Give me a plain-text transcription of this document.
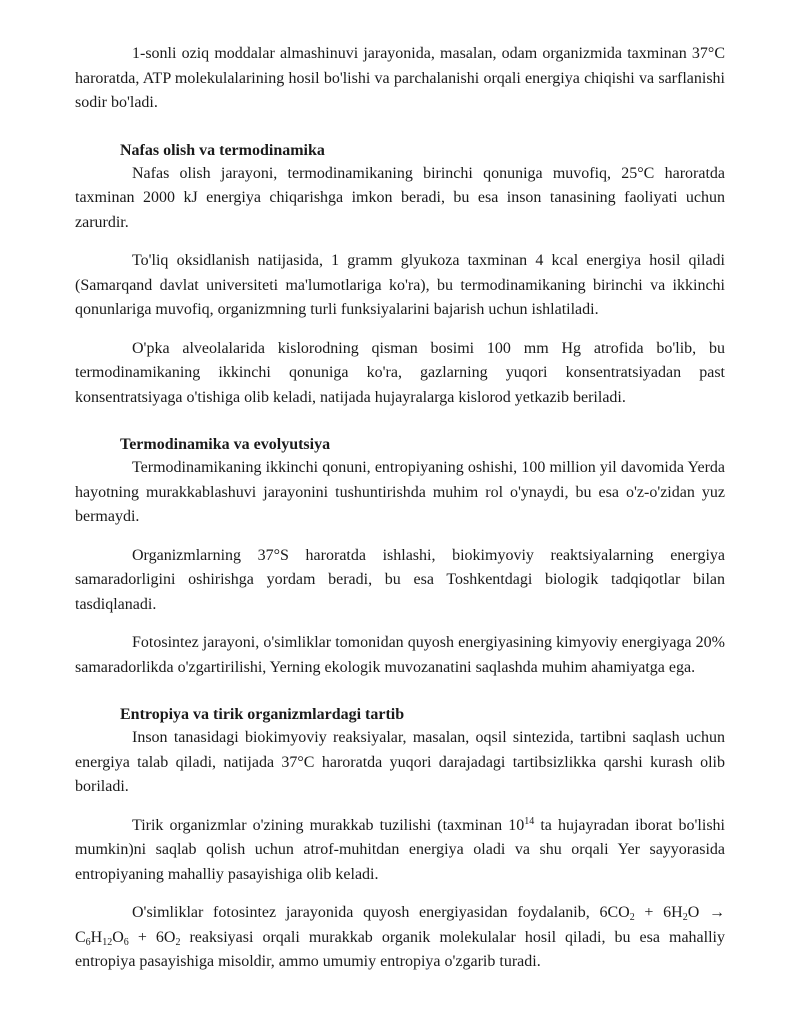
1-sonli oziq moddalar almashinuvi jarayonida, masalan, odam organizmida taxminan 37°C haroratda, ATP molekulalarining hosil bo'lishi va parchalanishi orqali energiya chiqishi va sarflanishi sodir bo'ladi.

Nafas olish va termodinamika

Nafas olish jarayoni, termodinamikaning birinchi qonuniga muvofiq, 25°C haroratda taxminan 2000 kJ energiya chiqarishga imkon beradi, bu esa inson tanasining faoliyati uchun zarurdir.

To'liq oksidlanish natijasida, 1 gramm glyukoza taxminan 4 kcal energiya hosil qiladi (Samarqand davlat universiteti ma'lumotlariga ko'ra), bu termodinamikaning birinchi va ikkinchi qonunlariga muvofiq, organizmning turli funksiyalarini bajarish uchun ishlatiladi.

O'pka alveolalarida kislorodning qisman bosimi 100 mm Hg atrofida bo'lib, bu termodinamikaning ikkinchi qonuniga ko'ra, gazlarning yuqori konsentratsiyadan past konsentratsiyaga o'tishiga olib keladi, natijada hujayralarga kislorod yetkazib beriladi.

Termodinamika va evolyutsiya

Termodinamikaning ikkinchi qonuni, entropiyaning oshishi, 100 million yil davomida Yerda hayotning murakkablashuvi jarayonini tushuntirishda muhim rol o'ynaydi, bu esa o'z-o'zidan yuz bermaydi.

Organizmlarning 37°S haroratda ishlashi, biokimyoviy reaktsiyalarning energiya samaradorligini oshirishga yordam beradi, bu esa Toshkentdagi biologik tadqiqotlar bilan tasdiqlanadi.

Fotosintez jarayoni, o'simliklar tomonidan quyosh energiyasining kimyoviy energiyaga 20% samaradorlikda o'zgartirilishi, Yerning ekologik muvozanatini saqlashda muhim ahamiyatga ega.

Entropiya va tirik organizmlardagi tartib

Inson tanasidagi biokimyoviy reaksiyalar, masalan, oqsil sintezida, tartibni saqlash uchun energiya talab qiladi, natijada 37°C haroratda yuqori darajadagi tartibsizlikka qarshi kurash olib boriladi.

Tirik organizmlar o'zining murakkab tuzilishi (taxminan $10^{14}$ ta hujayradan iborat bo'lishi mumkin)ni saqlab qolish uchun atrof-muhitdan energiya oladi va shu orqali Yer sayyorasida entropiyaning mahalliy pasayishiga olib keladi.

O'simliklar fotosintez jarayonida quyosh energiyasidan foydalanib, $6CO_2 + 6H_2O \to C_6H_{12}O_6 + 6O_2$ reaksiyasi orqali murakkab organik molekulalar hosil qiladi, bu esa mahalliy entropiya pasayishiga misoldir, ammo umumiy entropiya o'zgarib turadi.
